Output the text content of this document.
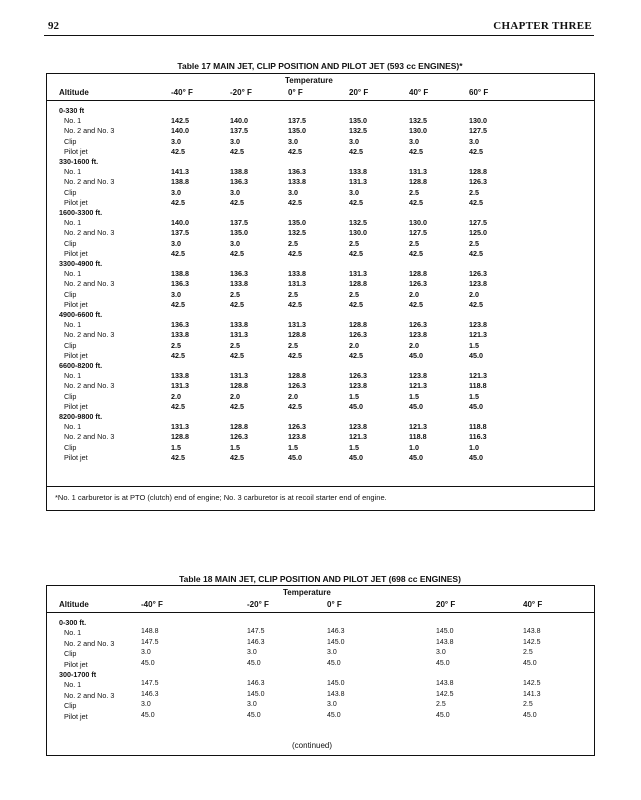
92	CHAPTER THREE
Table 17 MAIN JET, CLIP POSITION AND PILOT JET (593 cc ENGINES)*
Temperature
Altitude	-40° F	-20° F	0° F	20° F	40° F	60° F
0-330 ft
No. 1	142.5	140.0	137.5	135.0	132.5	130.0
No. 2 and No. 3	140.0	137.5	135.0	132.5	130.0	127.5
Clip	3.0	3.0	3.0	3.0	3.0	3.0
Pilot jet	42.5	42.5	42.5	42.5	42.5	42.5
330-1600 ft.
No. 1	141.3	138.8	136.3	133.8	131.3	128.8
No. 2 and No. 3	138.8	136.3	133.8	131.3	128.8	126.3
Clip	3.0	3.0	3.0	3.0	2.5	2.5
Pilot jet	42.5	42.5	42.5	42.5	42.5	42.5
1600-3300 ft.
No. 1	140.0	137.5	135.0	132.5	130.0	127.5
No. 2 and No. 3	137.5	135.0	132.5	130.0	127.5	125.0
Clip	3.0	3.0	2.5	2.5	2.5	2.5
Pilot jet	42.5	42.5	42.5	42.5	42.5	42.5
3300-4900 ft.
No. 1	138.8	136.3	133.8	131.3	128.8	126.3
No. 2 and No. 3	136.3	133.8	131.3	128.8	126.3	123.8
Clip	3.0	2.5	2.5	2.5	2.0	2.0
Pilot jet	42.5	42.5	42.5	42.5	42.5	42.5
4900-6600 ft.
No. 1	136.3	133.8	131.3	128.8	126.3	123.8
No. 2 and No. 3	133.8	131.3	128.8	126.3	123.8	121.3
Clip	2.5	2.5	2.5	2.0	2.0	1.5
Pilot jet	42.5	42.5	42.5	42.5	45.0	45.0
6600-8200 ft.
No. 1	133.8	131.3	128.8	126.3	123.8	121.3
No. 2 and No. 3	131.3	128.8	126.3	123.8	121.3	118.8
Clip	2.0	2.0	2.0	1.5	1.5	1.5
Pilot jet	42.5	42.5	42.5	45.0	45.0	45.0
8200-9800 ft.
No. 1	131.3	128.8	126.3	123.8	121.3	118.8
No. 2 and No. 3	128.8	126.3	123.8	121.3	118.8	116.3
Clip	1.5	1.5	1.5	1.5	1.0	1.0
Pilot jet	42.5	42.5	45.0	45.0	45.0	45.0
*No. 1 carburetor is at PTO (clutch) end of engine; No. 3 carburetor is at recoil starter end of engine.
Table 18 MAIN JET, CLIP POSITION AND PILOT JET (698 cc ENGINES)
Temperature
Altitude	-40° F	-20° F	0° F	20° F	40° F
0-300 ft.
No. 1	148.8	147.5	146.3	145.0	143.8
No. 2 and No. 3	147.5	146.3	145.0	143.8	142.5
Clip	3.0	3.0	3.0	3.0	2.5
Pilot jet	45.0	45.0	45.0	45.0	45.0
300-1700 ft
No. 1	147.5	146.3	145.0	143.8	142.5
No. 2 and No. 3	146.3	145.0	143.8	142.5	141.3
Clip	3.0	3.0	3.0	2.5	2.5
Pilot jet	45.0	45.0	45.0	45.0	45.0
(continued)
